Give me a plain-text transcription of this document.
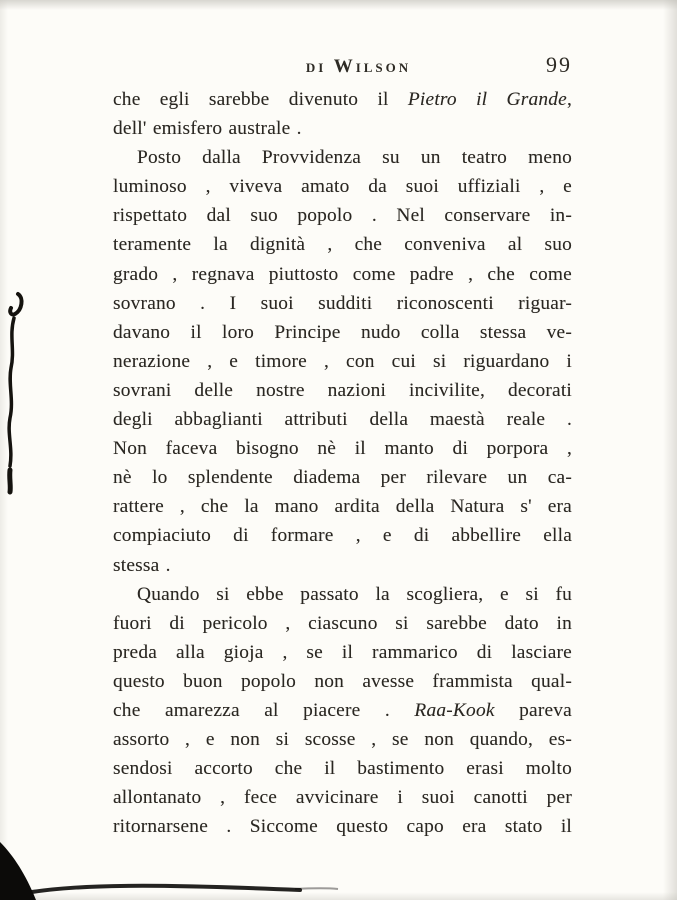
di Wilson	99
che egli sarebbe divenuto il Pietro il Grande,
dell' emisfero australe .
Posto dalla Provvidenza su un teatro meno
luminoso , viveva amato da suoi uffiziali , e
rispettato dal suo popolo . Nel conservare in-
teramente la dignità , che conveniva al suo
grado , regnava piuttosto come padre , che come
sovrano . I suoi sudditi riconoscenti riguar-
davano il loro Principe nudo colla stessa ve-
nerazione , e timore , con cui si riguardano i
sovrani delle nostre nazioni incivilite, decorati
degli abbaglianti attributi della maestà reale .
Non faceva bisogno nè il manto di porpora ,
nè lo splendente diadema per rilevare un ca-
rattere , che la mano ardita della Natura s' era
compiaciuto di formare , e di abbellire ella
stessa .
Quando si ebbe passato la scogliera, e si fu
fuori di pericolo , ciascuno si sarebbe dato in
preda alla gioja , se il rammarico di lasciare
questo buon popolo non avesse frammista qual-
che amarezza al piacere . Raa-Kook pareva
assorto , e non si scosse , se non quando, es-
sendosi accorto che il bastimento erasi molto
allontanato , fece avvicinare i suoi canotti per
ritornarsene . Siccome questo capo era stato il
